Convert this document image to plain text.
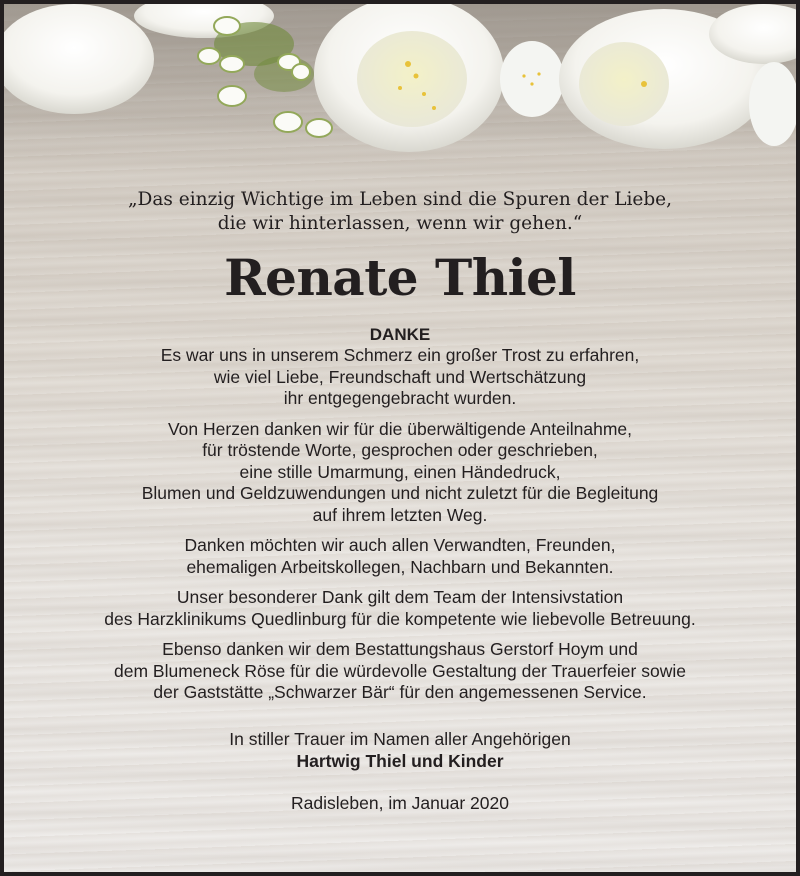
„Das einzig Wichtige im Leben sind die Spuren der Liebe,
die wir hinterlassen, wenn wir gehen.“

Renate Thiel

DANKE

Es war uns in unserem Schmerz ein großer Trost zu erfahren,
wie viel Liebe, Freundschaft und Wertschätzung
ihr entgegengebracht wurden.

Von Herzen danken wir für die überwältigende Anteilnahme,
für tröstende Worte, gesprochen oder geschrieben,
eine stille Umarmung, einen Händedruck,
Blumen und Geldzuwendungen und nicht zuletzt für die Begleitung
auf ihrem letzten Weg.

Danken möchten wir auch allen Verwandten, Freunden,
ehemaligen Arbeitskollegen, Nachbarn und Bekannten.

Unser besonderer Dank gilt dem Team der Intensivstation
des Harzklinikums Quedlinburg für die kompetente wie liebevolle Betreuung.

Ebenso danken wir dem Bestattungshaus Gerstorf Hoym und
dem Blumeneck Röse für die würdevolle Gestaltung der Trauerfeier sowie
der Gaststätte „Schwarzer Bär“ für den angemessenen Service.

In stiller Trauer im Namen aller Angehörigen
Hartwig Thiel und Kinder
Radisleben, im Januar 2020
